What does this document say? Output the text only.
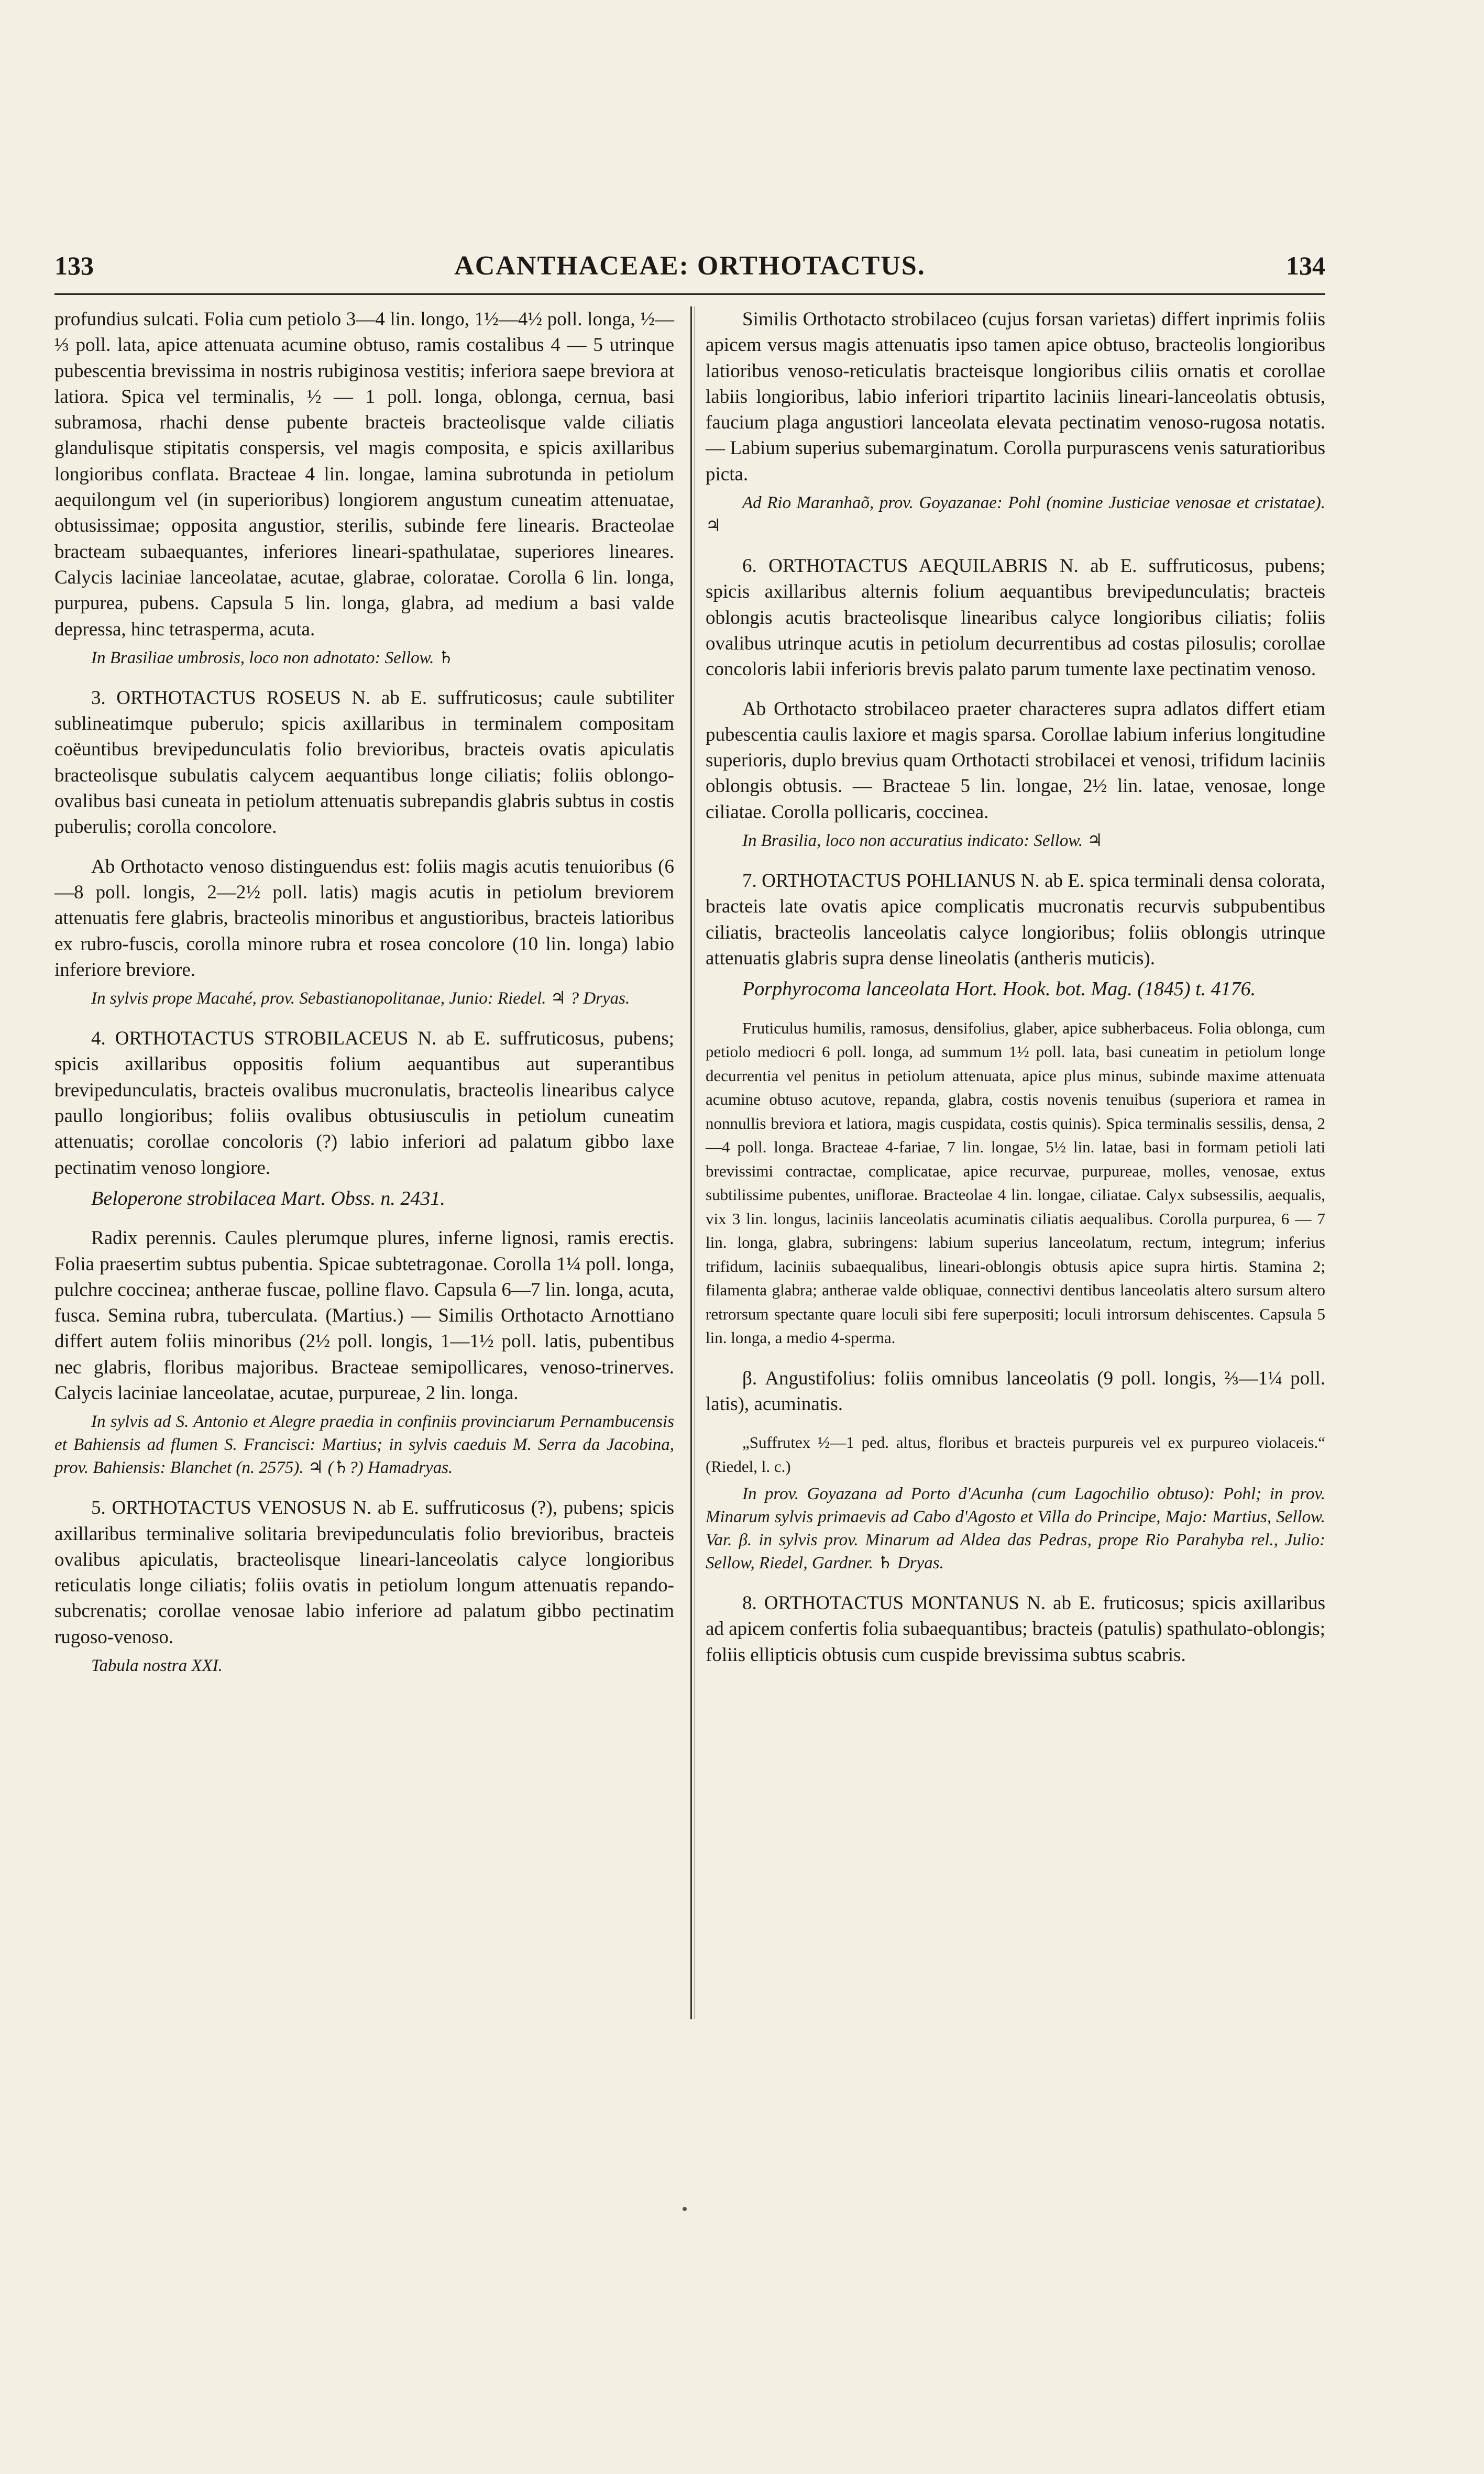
133	ACANTHACEAE: ORTHOTACTUS.	134

profundius sulcati. Folia cum petiolo 3—4 lin. longo, 1½—4½ poll. longa, ½—⅓ poll. lata, apice attenuata acumine obtuso, ramis costalibus 4 — 5 utrinque pubescentia brevissima in nostris rubiginosa vestitis; inferiora saepe breviora at latiora. Spica vel terminalis, ½ — 1 poll. longa, oblonga, cernua, basi subramosa, rhachi dense pubente bracteis bracteolisque valde ciliatis glandulisque stipitatis conspersis, vel magis composita, e spicis axillaribus longioribus conflata. Bracteae 4 lin. longae, lamina subrotunda in petiolum aequilongum vel (in superioribus) longiorem angustum cuneatim attenuatae, obtusissimae; opposita angustior, sterilis, subinde fere linearis. Bracteolae bracteam subaequantes, inferiores lineari-spathulatae, superiores lineares. Calycis laciniae lanceolatae, acutae, glabrae, coloratae. Corolla 6 lin. longa, purpurea, pubens. Capsula 5 lin. longa, glabra, ad medium a basi valde depressa, hinc tetrasperma, acuta.

In Brasiliae umbrosis, loco non adnotato: Sellow. ♄

3. ORTHOTACTUS ROSEUS N. ab E. suffruticosus; caule subtiliter sublineatimque puberulo; spicis axillaribus in terminalem compositam coëuntibus brevipedunculatis folio brevioribus, bracteis ovatis apiculatis bracteolisque subulatis calycem aequantibus longe ciliatis; foliis oblongo-ovalibus basi cuneata in petiolum attenuatis subrepandis glabris subtus in costis puberulis; corolla concolore.

Ab Orthotacto venoso distinguendus est: foliis magis acutis tenuioribus (6—8 poll. longis, 2—2½ poll. latis) magis acutis in petiolum breviorem attenuatis fere glabris, bracteolis minoribus et angustioribus, bracteis latioribus ex rubro-fuscis, corolla minore rubra et rosea concolore (10 lin. longa) labio inferiore breviore.

In sylvis prope Macahé, prov. Sebastianopolitanae, Junio: Riedel. ♃ ? Dryas.

4. ORTHOTACTUS STROBILACEUS N. ab E. suffruticosus, pubens; spicis axillaribus oppositis folium aequantibus aut superantibus brevipedunculatis, bracteis ovalibus mucronulatis, bracteolis linearibus calyce paullo longioribus; foliis ovalibus obtusiusculis in petiolum cuneatim attenuatis; corollae concoloris (?) labio inferiori ad palatum gibbo laxe pectinatim venoso longiore.

Beloperone strobilacea Mart. Obss. n. 2431.

Radix perennis. Caules plerumque plures, inferne lignosi, ramis erectis. Folia praesertim subtus pubentia. Spicae subtetragonae. Corolla 1¼ poll. longa, pulchre coccinea; antherae fuscae, polline flavo. Capsula 6—7 lin. longa, acuta, fusca. Semina rubra, tuberculata. (Martius.) — Similis Orthotacto Arnottiano differt autem foliis minoribus (2½ poll. longis, 1—1½ poll. latis, pubentibus nec glabris, floribus majoribus. Bracteae semipollicares, venoso-trinerves. Calycis laciniae lanceolatae, acutae, purpureae, 2 lin. longa.

In sylvis ad S. Antonio et Alegre praedia in confiniis provinciarum Pernambucensis et Bahiensis ad flumen S. Francisci: Martius; in sylvis caeduis M. Serra da Jacobina, prov. Bahiensis: Blanchet (n. 2575). ♃ (♄?) Hamadryas.

5. ORTHOTACTUS VENOSUS N. ab E. suffruticosus (?), pubens; spicis axillaribus terminalive solitaria brevipedunculatis folio brevioribus, bracteis ovalibus apiculatis, bracteolisque lineari-lanceolatis calyce longioribus reticulatis longe ciliatis; foliis ovatis in petiolum longum attenuatis repando-subcrenatis; corollae venosae labio inferiore ad palatum gibbo pectinatim rugoso-venoso.

Tabula nostra XXI.

Similis Orthotacto strobilaceo (cujus forsan varietas) differt inprimis foliis apicem versus magis attenuatis ipso tamen apice obtuso, bracteolis longioribus latioribus venoso-reticulatis bracteisque longioribus ciliis ornatis et corollae labiis longioribus, labio inferiori tripartito laciniis lineari-lanceolatis obtusis, faucium plaga angustiori lanceolata elevata pectinatim venoso-rugosa notatis. — Labium superius subemarginatum. Corolla purpurascens venis saturatioribus picta.

Ad Rio Maranhaõ, prov. Goyazanae: Pohl (nomine Justiciae venosae et cristatae). ♃

6. ORTHOTACTUS AEQUILABRIS N. ab E. suffruticosus, pubens; spicis axillaribus alternis folium aequantibus brevipedunculatis; bracteis oblongis acutis bracteolisque linearibus calyce longioribus ciliatis; foliis ovalibus utrinque acutis in petiolum decurrentibus ad costas pilosulis; corollae concoloris labii inferioris brevis palato parum tumente laxe pectinatim venoso.

Ab Orthotacto strobilaceo praeter characteres supra adlatos differt etiam pubescentia caulis laxiore et magis sparsa. Corollae labium inferius longitudine superioris, duplo brevius quam Orthotacti strobilacei et venosi, trifidum laciniis oblongis obtusis. — Bracteae 5 lin. longae, 2½ lin. latae, venosae, longe ciliatae. Corolla pollicaris, coccinea.

In Brasilia, loco non accuratius indicato: Sellow. ♃

7. ORTHOTACTUS POHLIANUS N. ab E. spica terminali densa colorata, bracteis late ovatis apice complicatis mucronatis recurvis subpubentibus ciliatis, bracteolis lanceolatis calyce longioribus; foliis oblongis utrinque attenuatis glabris supra dense lineolatis (antheris muticis).

Porphyrocoma lanceolata Hort. Hook. bot. Mag. (1845) t. 4176.

Fruticulus humilis, ramosus, densifolius, glaber, apice subherbaceus. Folia oblonga, cum petiolo mediocri 6 poll. longa, ad summum 1½ poll. lata, basi cuneatim in petiolum longe decurrentia vel penitus in petiolum attenuata, apice plus minus, subinde maxime attenuata acumine obtuso acutove, repanda, glabra, costis novenis tenuibus (superiora et ramea in nonnullis breviora et latiora, magis cuspidata, costis quinis). Spica terminalis sessilis, densa, 2—4 poll. longa. Bracteae 4-fariae, 7 lin. longae, 5½ lin. latae, basi in formam petioli lati brevissimi contractae, complicatae, apice recurvae, purpureae, molles, venosae, extus subtilissime pubentes, uniflorae. Bracteolae 4 lin. longae, ciliatae. Calyx subsessilis, aequalis, vix 3 lin. longus, laciniis lanceolatis acuminatis ciliatis aequalibus. Corolla purpurea, 6 — 7 lin. longa, glabra, subringens: labium superius lanceolatum, rectum, integrum; inferius trifidum, laciniis subaequalibus, lineari-oblongis obtusis apice supra hirtis. Stamina 2; filamenta glabra; antherae valde obliquae, connectivi dentibus lanceolatis altero sursum altero retrorsum spectante quare loculi sibi fere superpositi; loculi introrsum dehiscentes. Capsula 5 lin. longa, a medio 4-sperma.

β. Angustifolius: foliis omnibus lanceolatis (9 poll. longis, ⅔—1¼ poll. latis), acuminatis.

„Suffrutex ½—1 ped. altus, floribus et bracteis purpureis vel ex purpureo violaceis.“ (Riedel, l. c.)

In prov. Goyazana ad Porto d'Acunha (cum Lagochilio obtuso): Pohl; in prov. Minarum sylvis primaevis ad Cabo d'Agosto et Villa do Principe, Majo: Martius, Sellow. Var. β. in sylvis prov. Minarum ad Aldea das Pedras, prope Rio Parahyba rel., Julio: Sellow, Riedel, Gardner. ♄ Dryas.

8. ORTHOTACTUS MONTANUS N. ab E. fruticosus; spicis axillaribus ad apicem confertis folia subaequantibus; bracteis (patulis) spathulato-oblongis; foliis ellipticis obtusis cum cuspide brevissima subtus scabris.
